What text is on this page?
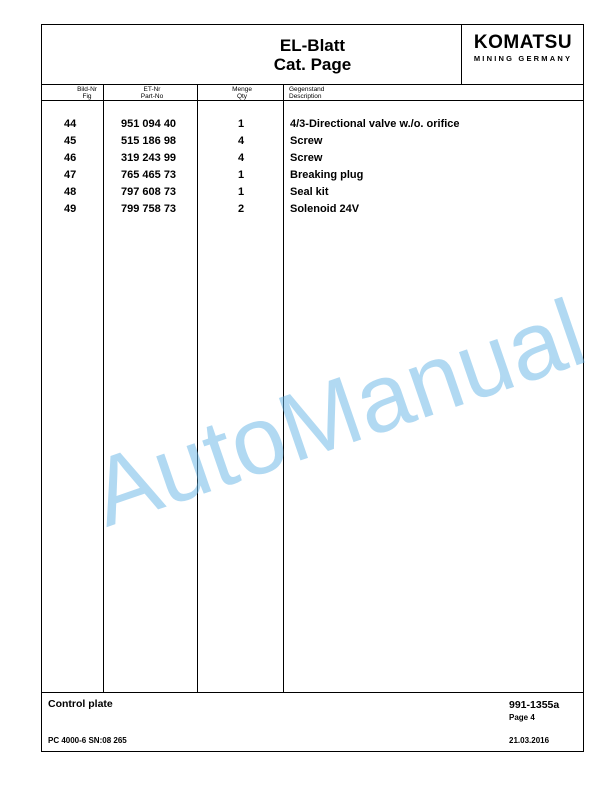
EL-Blatt
Cat. Page
KOMATSU
MINING GERMANY
Bild-Nr
Fig
ET-Nr
Part-No
Menge
Qty
Gegenstand
Description
44	951 094 40	1	4/3-Directional valve w./o. orifice
45	515 186 98	4	Screw
46	319 243 99	4	Screw
47	765 465 73	1	Breaking plug
48	797 608 73	1	Seal kit
49	799 758 73	2	Solenoid 24V
Control plate	991-1355a
Page 4
PC 4000-6 SN:08 265	21.03.2016
AutoManual
